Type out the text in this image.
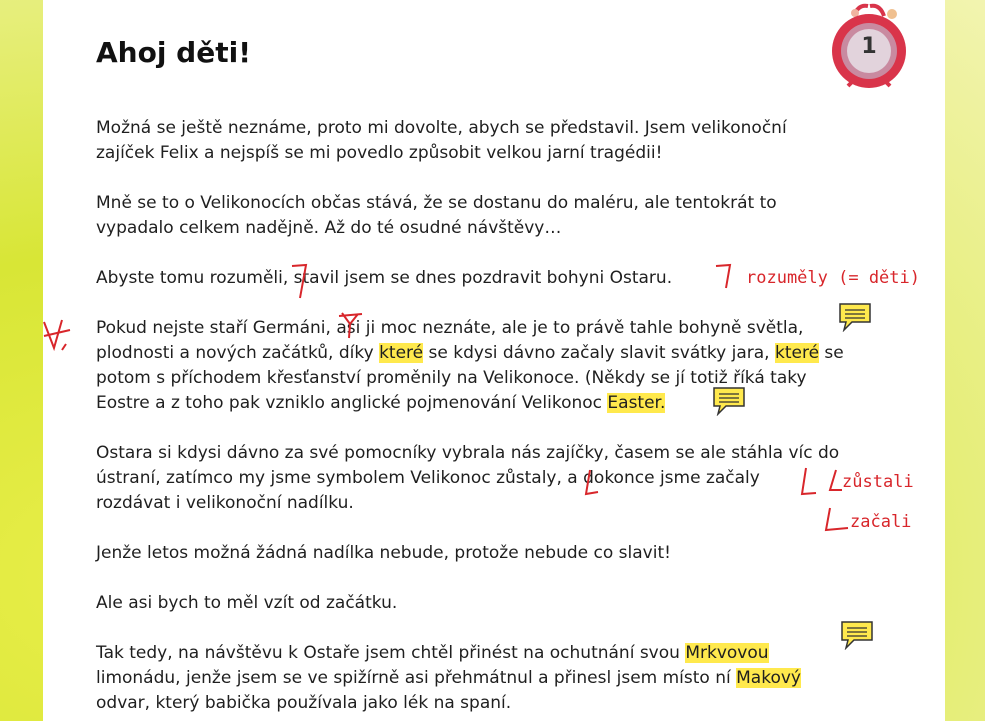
1
Ahoj děti!

Možná se ještě neznáme, proto mi dovolte, abych se představil. Jsem velikonoční
zajíček Felix a nejspíš se mi povedlo způsobit velkou jarní tragédii!

Mně se to o Velikonocích občas stává, že se dostanu do maléru, ale tentokrát to
vypadalo celkem nadějně. Až do té osudné návštěvy…

Abyste tomu rozuměli, stavil jsem se dnes pozdravit bohyni Ostaru.

Pokud nejste staří Germáni, asi ji moc neznáte, ale je to právě tahle bohyně světla,
plodnosti a nových začátků, díky které se kdysi dávno začaly slavit svátky jara, které se
potom s příchodem křesťanství proměnily na Velikonoce. (Někdy se jí totiž říká taky
Eostre a z toho pak vzniklo anglické pojmenování Velikonoc Easter.

Ostara si kdysi dávno za své pomocníky vybrala nás zajíčky, časem se ale stáhla víc do
ústraní, zatímco my jsme symbolem Velikonoc zůstaly, a dokonce jsme začaly
rozdávat i velikonoční nadílku.

Jenže letos možná žádná nadílka nebude, protože nebude co slavit!

Ale asi bych to měl vzít od začátku.

Tak tedy, na návštěvu k Ostaře jsem chtěl přinést na ochutnání svou Mrkvovou
limonádu, jenže jsem se ve spižírně asi přehmátnul a přinesl jsem místo ní Makový
odvar, který babička používala jako lék na spaní.

rozuměly (= děti)
zůstali
začali
